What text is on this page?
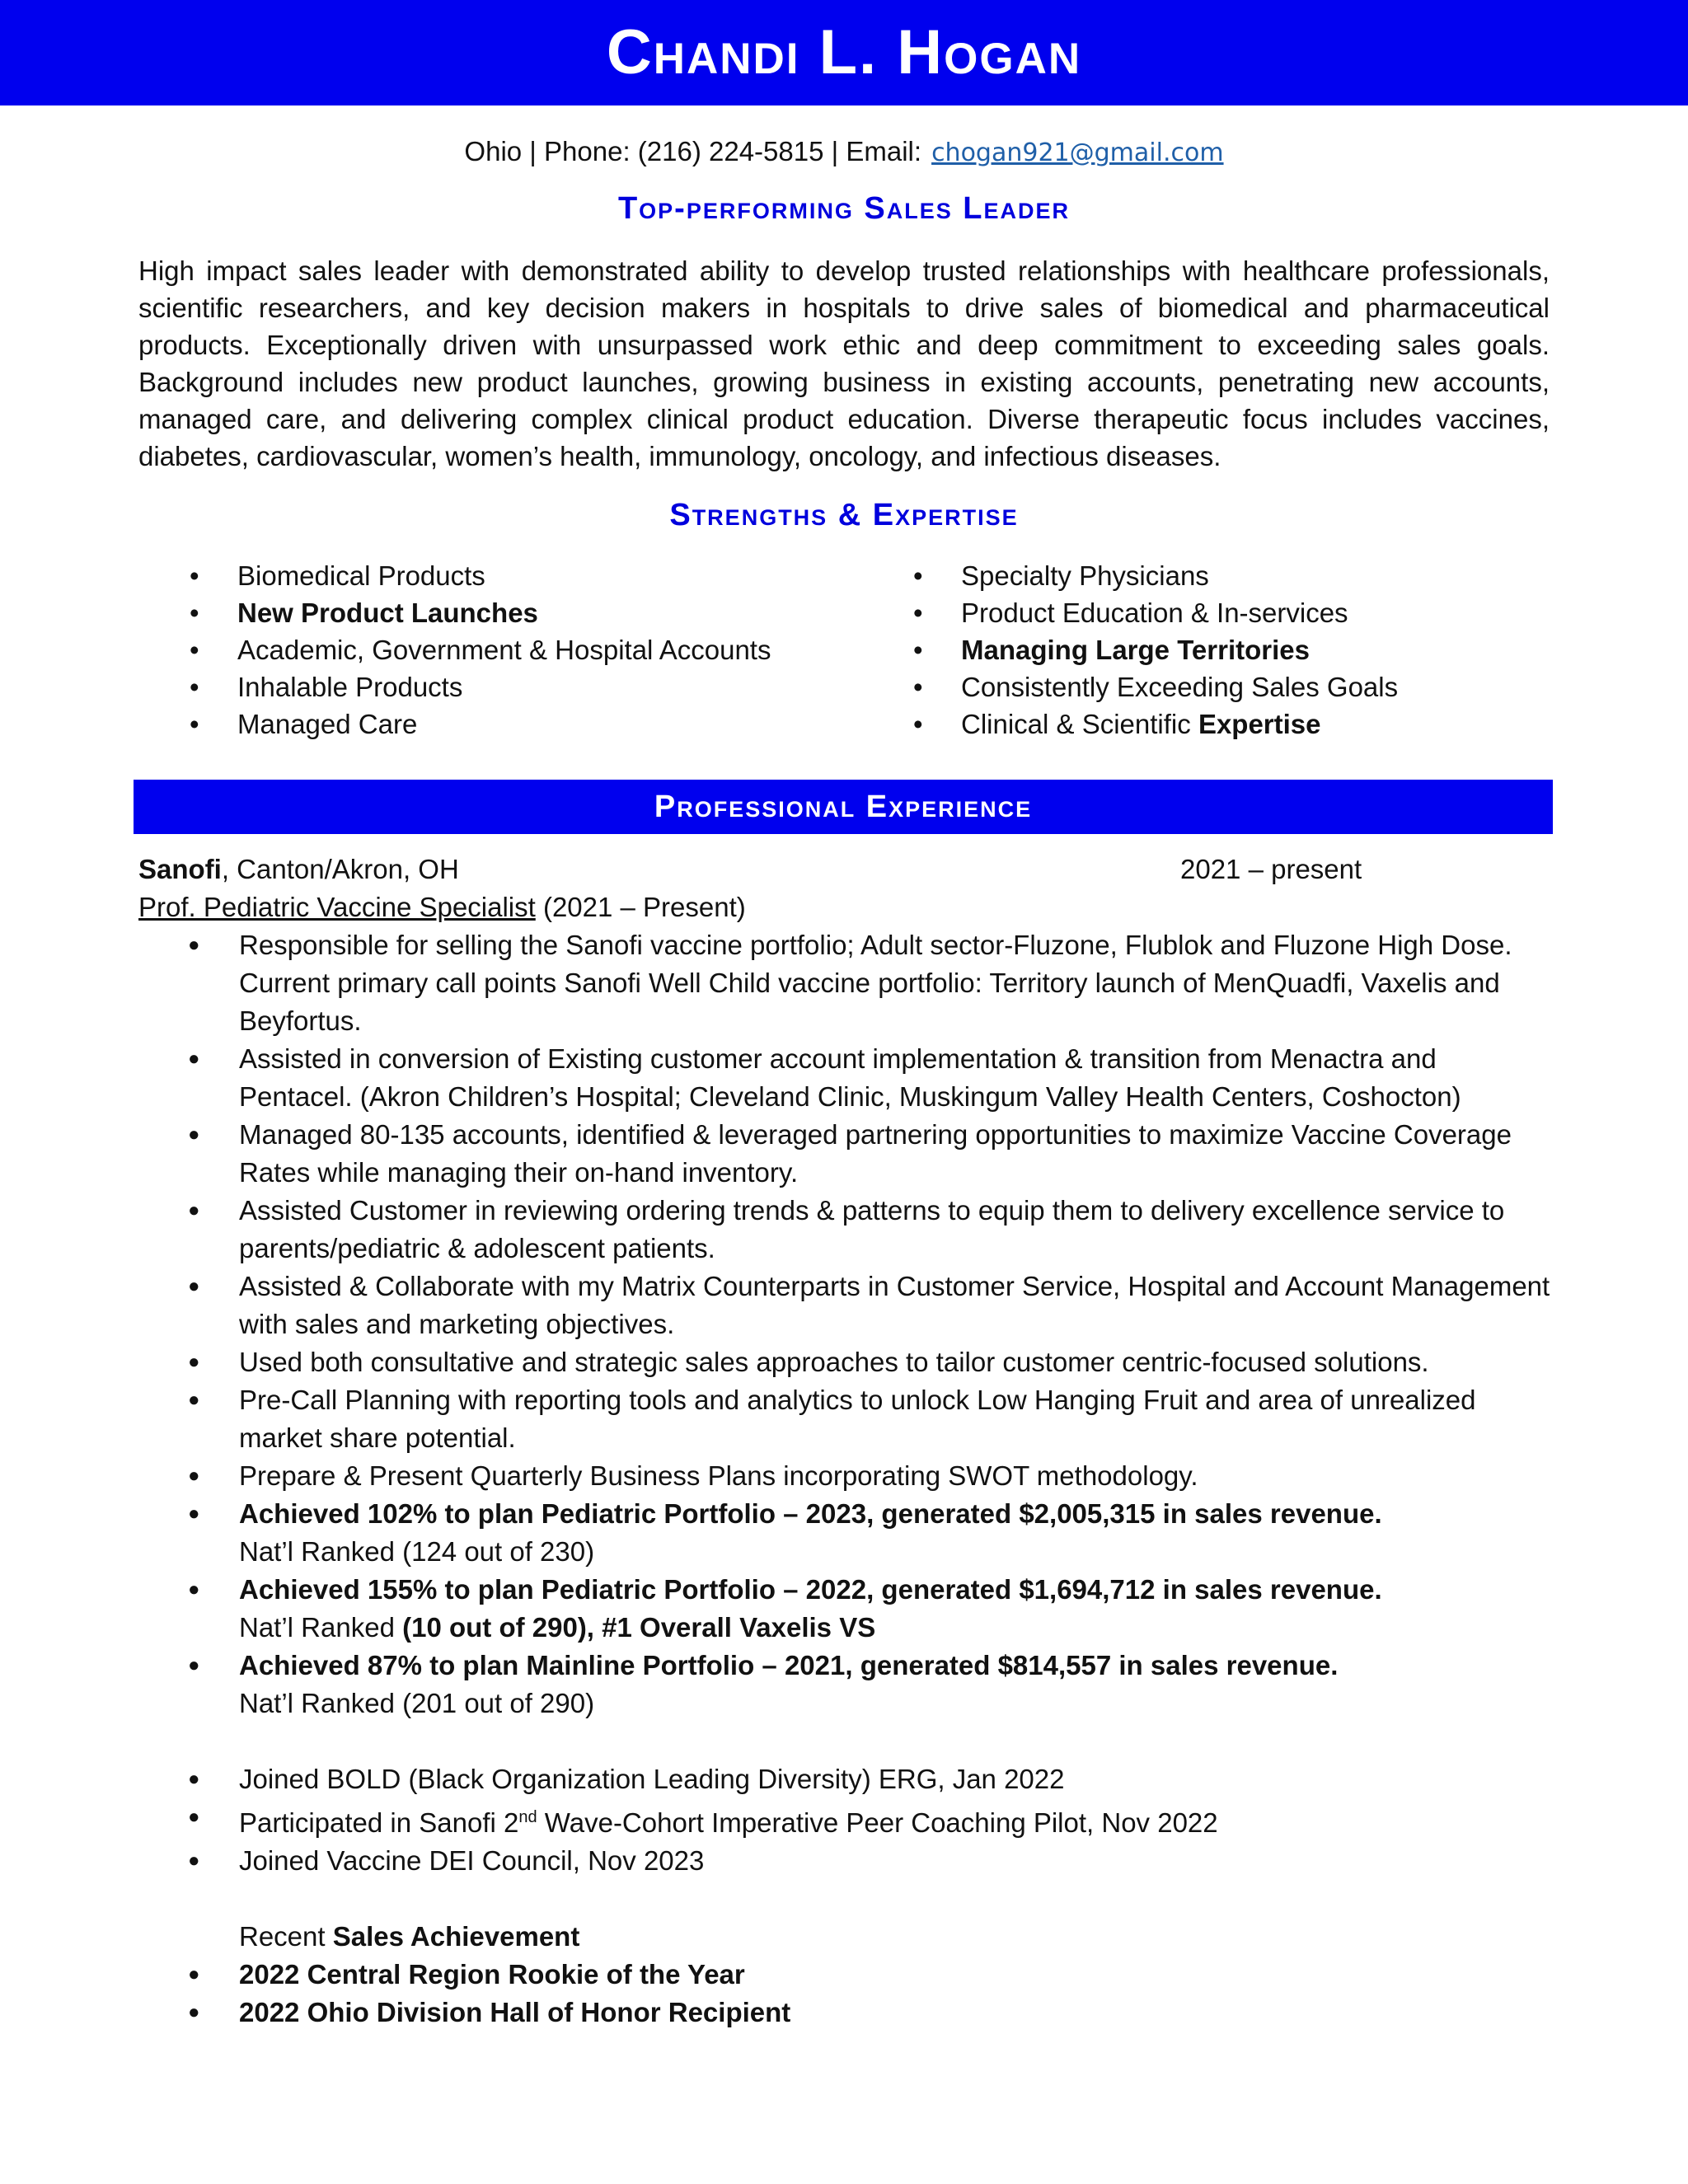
Chandi L. Hogan
Ohio | Phone: (216) 224-5815 | Email: chogan921@gmail.com
Top-performing Sales Leader
High impact sales leader with demonstrated ability to develop trusted relationships with healthcare professionals, scientific researchers, and key decision makers in hospitals to drive sales of biomedical and pharmaceutical products. Exceptionally driven with unsurpassed work ethic and deep commitment to exceeding sales goals. Background includes new product launches, growing business in existing accounts, penetrating new accounts, managed care, and delivering complex clinical product education. Diverse therapeutic focus includes vaccines, diabetes, cardiovascular, women’s health, immunology, oncology, and infectious diseases.
Strengths & Expertise
• Biomedical Products
• New Product Launches
• Academic, Government & Hospital Accounts
• Inhalable Products
• Managed Care
• Specialty Physicians
• Product Education & In-services
• Managing Large Territories
• Consistently Exceeding Sales Goals
• Clinical & Scientific Expertise
Professional Experience
Sanofi, Canton/Akron, OH	2021 – present
Prof. Pediatric Vaccine Specialist (2021 – Present)
● Responsible for selling the Sanofi vaccine portfolio; Adult sector-Fluzone, Flublok and Fluzone High Dose. Current primary call points Sanofi Well Child vaccine portfolio: Territory launch of MenQuadfi, Vaxelis and Beyfortus.
● Assisted in conversion of Existing customer account implementation & transition from Menactra and Pentacel. (Akron Children’s Hospital; Cleveland Clinic, Muskingum Valley Health Centers, Coshocton)
● Managed 80-135 accounts, identified & leveraged partnering opportunities to maximize Vaccine Coverage Rates while managing their on-hand inventory.
● Assisted Customer in reviewing ordering trends & patterns to equip them to delivery excellence service to parents/pediatric & adolescent patients.
● Assisted & Collaborate with my Matrix Counterparts in Customer Service, Hospital and Account Management with sales and marketing objectives.
● Used both consultative and strategic sales approaches to tailor customer centric-focused solutions.
● Pre-Call Planning with reporting tools and analytics to unlock Low Hanging Fruit and area of unrealized market share potential.
● Prepare & Present Quarterly Business Plans incorporating SWOT methodology.
● Achieved 102% to plan Pediatric Portfolio – 2023, generated $2,005,315 in sales revenue.
Nat’l Ranked (124 out of 230)
● Achieved 155% to plan Pediatric Portfolio – 2022, generated $1,694,712 in sales revenue.
Nat’l Ranked (10 out of 290), #1 Overall Vaxelis VS
● Achieved 87% to plan Mainline Portfolio – 2021, generated $814,557 in sales revenue.
Nat’l Ranked (201 out of 290)
● Joined BOLD (Black Organization Leading Diversity) ERG, Jan 2022
● Participated in Sanofi 2nd Wave-Cohort Imperative Peer Coaching Pilot, Nov 2022
● Joined Vaccine DEI Council, Nov 2023
Recent Sales Achievement
● 2022 Central Region Rookie of the Year
● 2022 Ohio Division Hall of Honor Recipient
